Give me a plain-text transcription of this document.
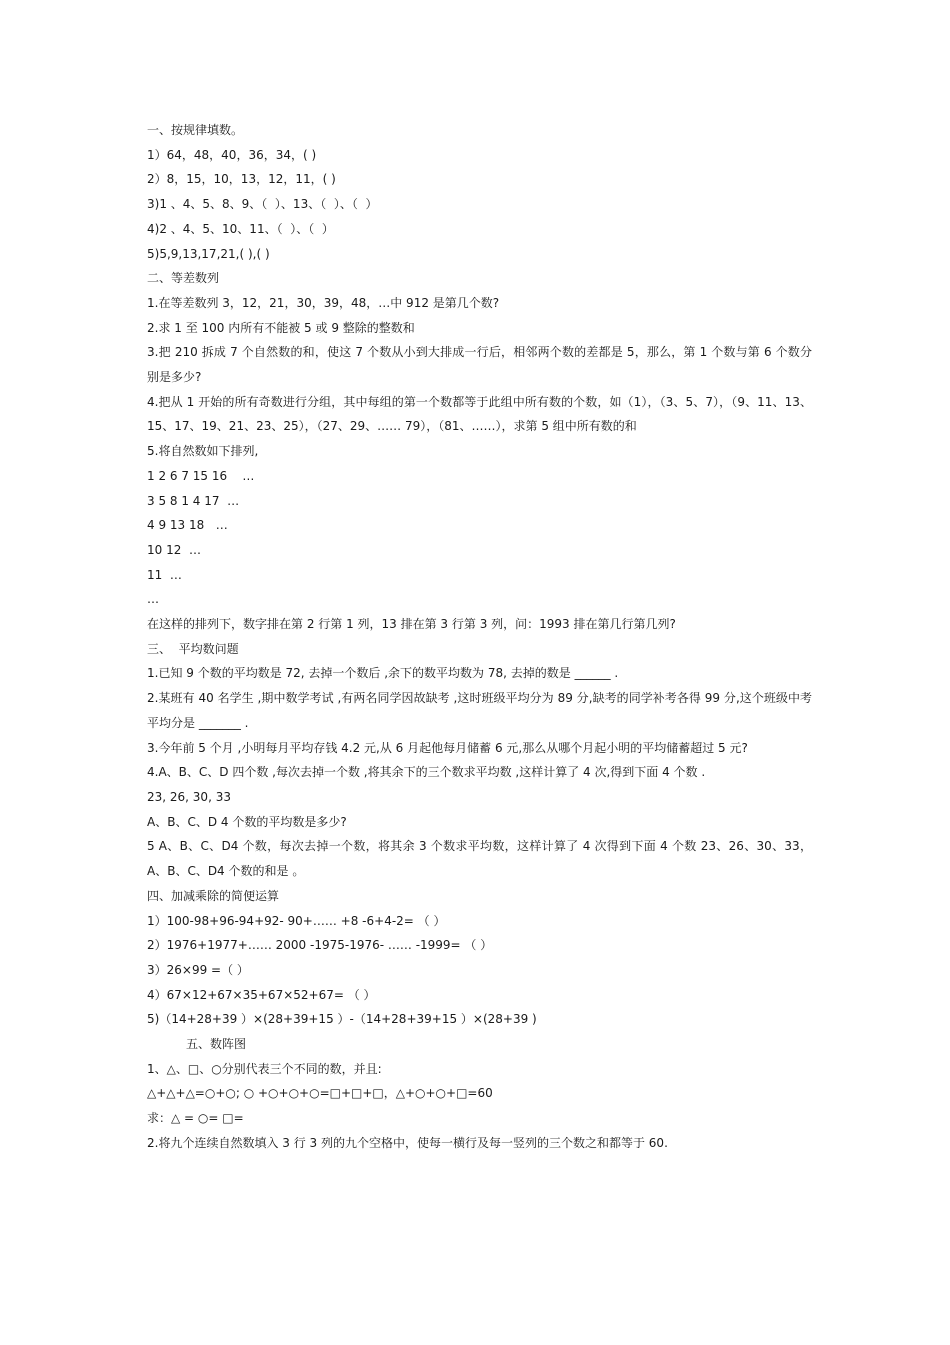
一、按规律填数。

1）64，48，40，36，34，( )

2）8，15，10，13，12，11，( )

3)1 、4、5、8、9、（  ）、13、（  ）、（  ）

4)2 、4、5、10、11、（  ）、（  ）

5)5,9,13,17,21,( ),( )

二、等差数列

1.在等差数列 3，12，21，30，39，48，…中 912 是第几个数?

2.求 1 至 100 内所有不能被 5 或 9 整除的整数和

3.把 210 拆成 7 个自然数的和，使这 7 个数从小到大排成一行后，相邻两个数的差都是 5，那么，第 1 个数与第 6 个数分别是多少?

4.把从 1 开始的所有奇数进行分组，其中每组的第一个数都等于此组中所有数的个数，如（1），（3、5、7），（9、11、13、15、17、19、21、23、25），（27、29、…… 79），（81、……），求第 5 组中所有数的和

5.将自然数如下排列,

1 2 6 7 15 16    …

3 5 8 1 4 17  …

4 9 13 18   …

10 12  …

11  …

…

在这样的排列下，数字排在第 2 行第 1 列，13 排在第 3 行第 3 列，问：1993 排在第几行第几列?

三、  平均数问题

1.已知 9 个数的平均数是 72, 去掉一个数后 ,余下的数平均数为 78, 去掉的数是 ______ .

2.某班有 40 名学生 ,期中数学考试 ,有两名同学因故缺考 ,这时班级平均分为 89 分,缺考的同学补考各得 99 分,这个班级中考平均分是 _______ .

3.今年前 5 个月 ,小明每月平均存钱 4.2 元,从 6 月起他每月储蓄 6 元,那么从哪个月起小明的平均储蓄超过 5 元?

4.A、B、C、D 四个数 ,每次去掉一个数 ,将其余下的三个数求平均数 ,这样计算了 4 次,得到下面 4 个数 .

23, 26, 30, 33

A、B、C、D 4 个数的平均数是多少?

5 A、B、C、D4 个数，每次去掉一个数，将其余 3 个数求平均数，这样计算了 4 次得到下面 4 个数 23、26、30、33，A、B、C、D4 个数的和是 。

四、加减乘除的简便运算

1）100-98+96-94+92- 90+…… +8 -6+4-2= （ ）

2）1976+1977+…… 2000 -1975-1976- …… -1999= （ ）

3）26×99 =（ ）

4）67×12+67×35+67×52+67= （ ）

5)（14+28+39 ）×(28+39+15 ）-（14+28+39+15 ）×(28+39 )

五、数阵图

1、△、□、○分别代表三个不同的数，并且:

△+△+△=○+○; ○ +○+○+○=□+□+□，△+○+○+□=60

求：△ = ○= □=

2.将九个连续自然数填入 3 行 3 列的九个空格中，使每一横行及每一竖列的三个数之和都等于 60.
